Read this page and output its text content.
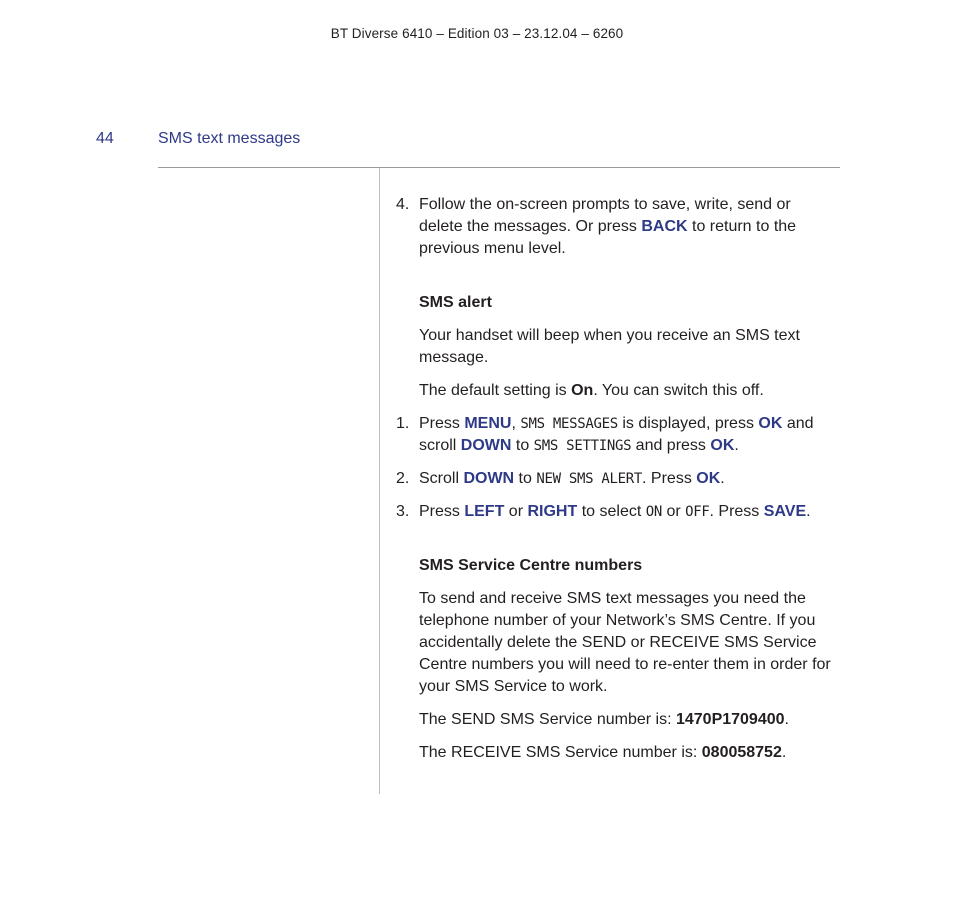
BT Diverse 6410 – Edition 03 – 23.12.04 – 6260
44	SMS text messages
4. Follow the on-screen prompts to save, write, send or delete the messages. Or press BACK to return to the previous menu level.
SMS alert
Your handset will beep when you receive an SMS text message.
The default setting is On. You can switch this off.
1. Press MENU, SMS MESSAGES is displayed, press OK and scroll DOWN to SMS SETTINGS and press OK.
2. Scroll DOWN to NEW SMS ALERT. Press OK.
3. Press LEFT or RIGHT to select ON or OFF. Press SAVE.
SMS Service Centre numbers
To send and receive SMS text messages you need the telephone number of your Network’s SMS Centre. If you accidentally delete the SEND or RECEIVE SMS Service Centre numbers you will need to re-enter them in order for your SMS Service to work.
The SEND SMS Service number is: 1470P1709400.
The RECEIVE SMS Service number is: 080058752.
